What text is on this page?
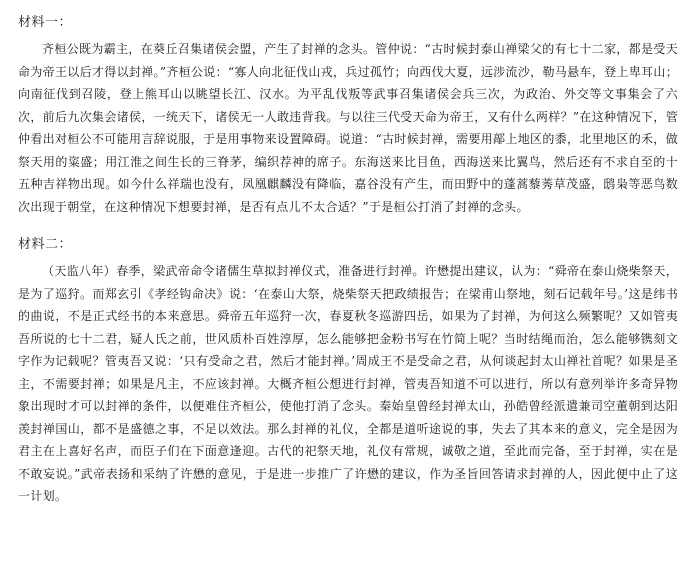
材料一：

齐桓公既为霸主，在葵丘召集诸侯会盟，产生了封禅的念头。管仲说：“古时候封泰山禅梁父的有七十二家，都是受天命为帝王以后才得以封禅。”齐桓公说：“寡人向北征伐山戎，兵过孤竹；向西伐大夏，远涉流沙，勒马悬车，登上卑耳山；向南征伐到召陵，登上熊耳山以眺望长江、汉水。为平乱伐叛等武事召集诸侯会兵三次，为政治、外交等文事集会了六次，前后九次集会诸侯，一统天下，诸侯无一人敢违背我。与以往三代受天命为帝王，又有什么两样？”在这种情况下，管仲看出对桓公不可能用言辞说服，于是用事物来设置障碍。说道：“古时候封禅，需要用鄗上地区的黍，北里地区的禾，做祭天用的粢盛；用江淮之间生长的三脊茅，编织荐神的席子。东海送来比目鱼，西海送来比翼鸟，然后还有不求自至的十五种吉祥物出现。如今什么祥瑞也没有，凤凰麒麟没有降临，嘉谷没有产生，而田野中的蓬蒿藜莠草茂盛，鸱枭等恶鸟数次出现于朝堂，在这种情况下想要封禅，是否有点儿不太合适？”于是桓公打消了封禅的念头。

材料二：

（天监八年）春季，梁武帝命令诸儒生草拟封禅仪式，准备进行封禅。许懋提出建议，认为：“舜帝在泰山烧柴祭天，是为了巡狩。而郑玄引《孝经钩命决》说：‘在泰山大祭，烧柴祭天把政绩报告；在梁甫山祭地，刻石记载年号。’这是纬书的曲说，不是正式经书的本来意思。舜帝五年巡狩一次，春夏秋冬巡游四岳，如果为了封禅，为何这么频繁呢？又如管夷吾所说的七十二君，疑人氏之前，世风质朴百姓淳厚，怎么能够把金粉书写在竹简上呢？当时结绳而治，怎么能够镌刻文字作为记载呢？管夷吾又说：‘只有受命之君，然后才能封禅。’周成王不是受命之君，从何谈起封太山禅社首呢？如果是圣主，不需要封禅；如果是凡主，不应该封禅。大概齐桓公想进行封禅，管夷吾知道不可以进行，所以有意列举许多奇异物象出现时才可以封禅的条件，以便难住齐桓公，使他打消了念头。秦始皇曾经封禅太山，孙皓曾经派遣兼司空董朝到达阳羡封禅国山，都不是盛德之事，不足以效法。那么封禅的礼仪，全都是道听途说的事，失去了其本来的意义，完全是因为君主在上喜好名声，而臣子们在下面意逢迎。古代的祀祭天地，礼仪有常规，诚敬之道，至此而完备，至于封禅，实在是不敢妄说。”武帝表扬和采纳了许懋的意见，于是进一步推广了许懋的建议，作为圣旨回答请求封禅的人，因此便中止了这一计划。
